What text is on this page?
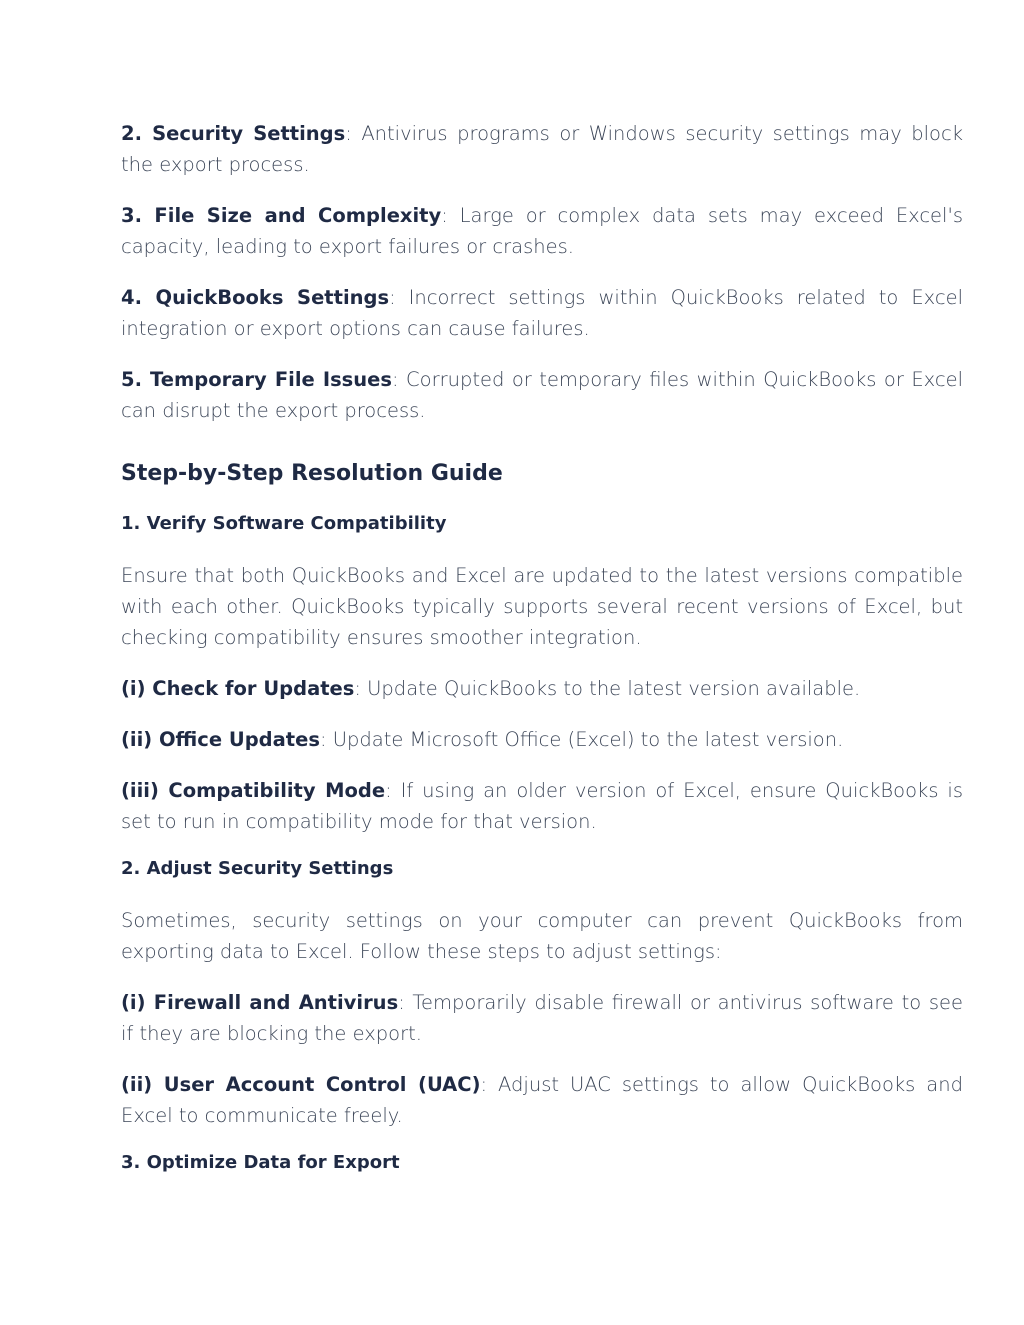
2. Security Settings: Antivirus programs or Windows security settings may block the export process.

3. File Size and Complexity: Large or complex data sets may exceed Excel's capacity, leading to export failures or crashes.

4. QuickBooks Settings: Incorrect settings within QuickBooks related to Excel integration or export options can cause failures.

5. Temporary File Issues: Corrupted or temporary files within QuickBooks or Excel can disrupt the export process.

Step-by-Step Resolution Guide
1. Verify Software Compatibility

Ensure that both QuickBooks and Excel are updated to the latest versions compatible with each other. QuickBooks typically supports several recent versions of Excel, but checking compatibility ensures smoother integration.

(i) Check for Updates: Update QuickBooks to the latest version available.

(ii) Office Updates: Update Microsoft Office (Excel) to the latest version.

(iii) Compatibility Mode: If using an older version of Excel, ensure QuickBooks is set to run in compatibility mode for that version.

2. Adjust Security Settings

Sometimes, security settings on your computer can prevent QuickBooks from exporting data to Excel. Follow these steps to adjust settings:

(i) Firewall and Antivirus: Temporarily disable firewall or antivirus software to see if they are blocking the export.

(ii) User Account Control (UAC): Adjust UAC settings to allow QuickBooks and Excel to communicate freely.

3. Optimize Data for Export
